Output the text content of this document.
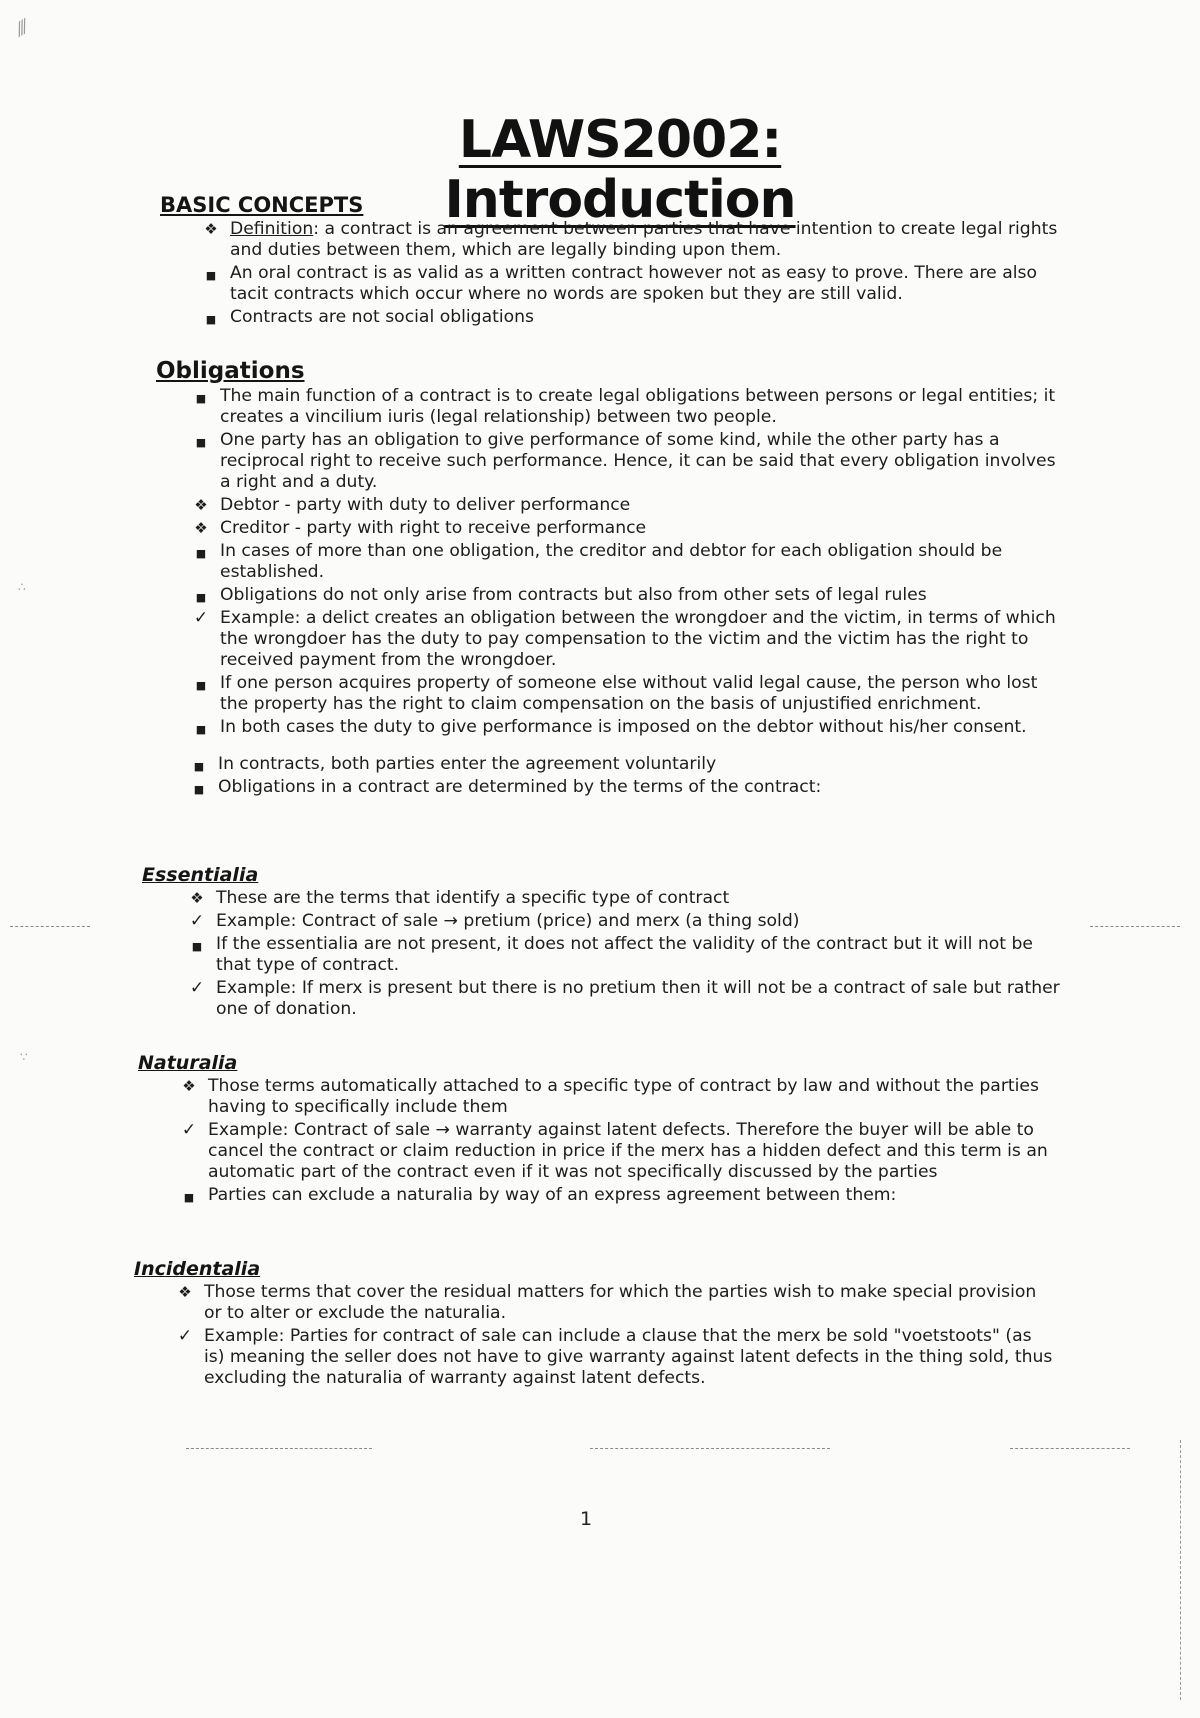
⁄⁄⁄
∴
∵
LAWS2002: Introduction
BASIC CONCEPTS
❖ Definition: a contract is an agreement between parties that have intention to create legal rights and duties between them, which are legally binding upon them.
■ An oral contract is as valid as a written contract however not as easy to prove. There are also tacit contracts which occur where no words are spoken but they are still valid.
■ Contracts are not social obligations
Obligations
■ The main function of a contract is to create legal obligations between persons or legal entities; it creates a vincilium iuris (legal relationship) between two people.
■ One party has an obligation to give performance of some kind, while the other party has a reciprocal right to receive such performance. Hence, it can be said that every obligation involves a right and a duty.
❖ Debtor - party with duty to deliver performance
❖ Creditor - party with right to receive performance
■ In cases of more than one obligation, the creditor and debtor for each obligation should be established.
■ Obligations do not only arise from contracts but also from other sets of legal rules
✓ Example: a delict creates an obligation between the wrongdoer and the victim, in terms of which the wrongdoer has the duty to pay compensation to the victim and the victim has the right to received payment from the wrongdoer.
■ If one person acquires property of someone else without valid legal cause, the person who lost the property has the right to claim compensation on the basis of unjustified enrichment.
■ In both cases the duty to give performance is imposed on the debtor without his/her consent.
■ In contracts, both parties enter the agreement voluntarily
■ Obligations in a contract are determined by the terms of the contract:
Essentialia
❖ These are the terms that identify a specific type of contract
✓ Example: Contract of sale → pretium (price) and merx (a thing sold)
■ If the essentialia are not present, it does not affect the validity of the contract but it will not be that type of contract.
✓ Example: If merx is present but there is no pretium then it will not be a contract of sale but rather one of donation.
Naturalia
❖ Those terms automatically attached to a specific type of contract by law and without the parties having to specifically include them
✓ Example: Contract of sale → warranty against latent defects. Therefore the buyer will be able to cancel the contract or claim reduction in price if the merx has a hidden defect and this term is an automatic part of the contract even if it was not specifically discussed by the parties
■ Parties can exclude a naturalia by way of an express agreement between them:
Incidentalia
❖ Those terms that cover the residual matters for which the parties wish to make special provision or to alter or exclude the naturalia.
✓ Example: Parties for contract of sale can include a clause that the merx be sold "voetstoots" (as is) meaning the seller does not have to give warranty against latent defects in the thing sold, thus excluding the naturalia of warranty against latent defects.
1
